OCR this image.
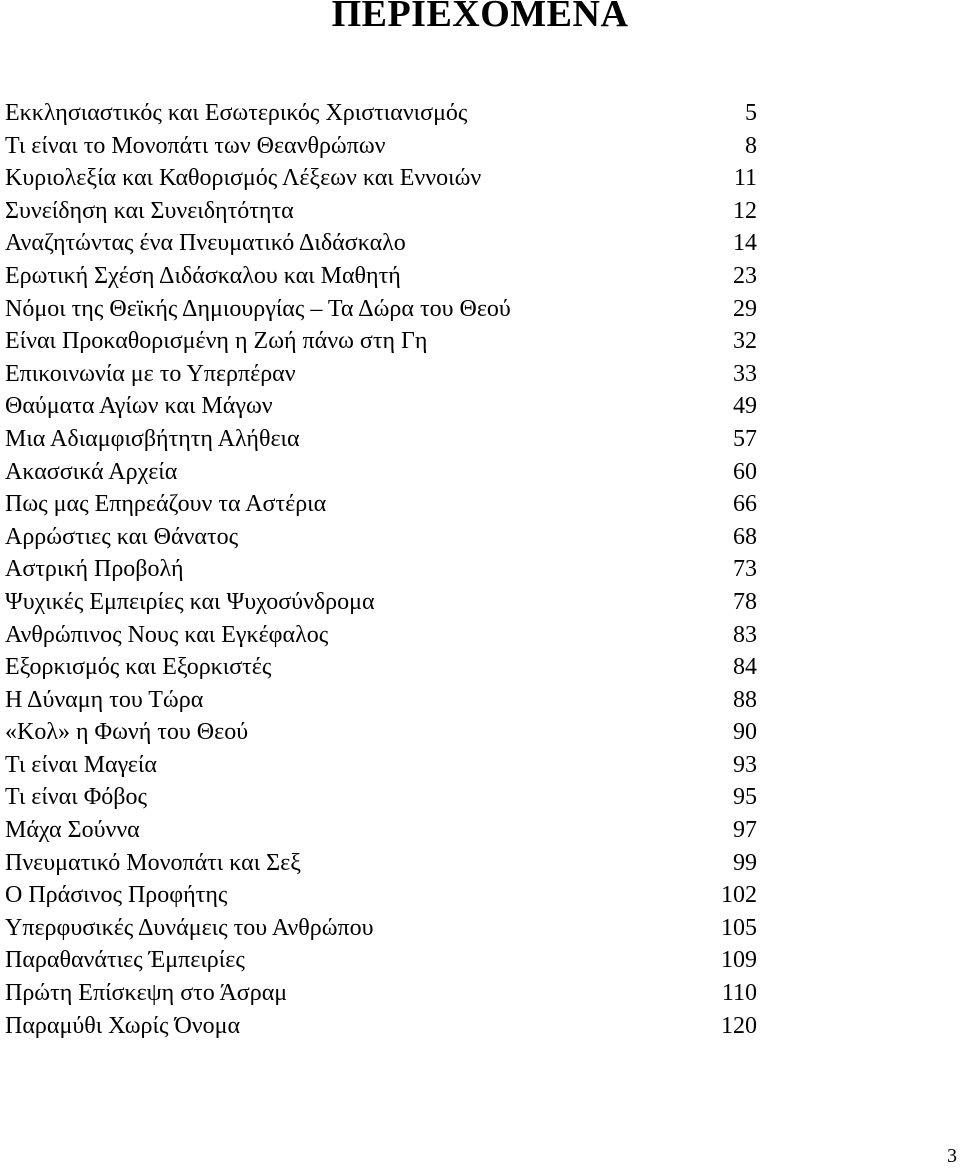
ΠΕΡΙΕΧΟΜΕΝΑ
Εκκλησιαστικός και Εσωτερικός Χριστιανισμός	5
Τι είναι το Μονοπάτι των Θεανθρώπων	8
Κυριολεξία και Καθορισμός Λέξεων και Εννοιών	11
Συνείδηση και Συνειδητότητα	12
Αναζητώντας ένα Πνευματικό Διδάσκαλο	14
Ερωτική Σχέση Διδάσκαλου και Μαθητή	23
Νόμοι της Θεϊκής Δημιουργίας – Τα Δώρα του Θεού	29
Είναι Προκαθορισμένη η Ζωή πάνω στη Γη	32
Επικοινωνία με το Υπερπέραν	33
Θαύματα Αγίων και Μάγων	49
Μια Αδιαμφισβήτητη Αλήθεια	57
Ακασσικά Αρχεία	60
Πως μας Επηρεάζουν τα Αστέρια	66
Αρρώστιες και Θάνατος	68
Αστρική Προβολή	73
Ψυχικές Εμπειρίες και Ψυχοσύνδρομα	78
Ανθρώπινος Νους και Εγκέφαλος	83
Εξορκισμός και Εξορκιστές	84
Η Δύναμη του Τώρα	88
«Κολ» η Φωνή του Θεού	90
Τι είναι Μαγεία	93
Τι είναι Φόβος	95
Μάχα Σούννα	97
Πνευματικό Μονοπάτι και Σεξ	99
Ο Πράσινος Προφήτης	102
Υπερφυσικές Δυνάμεις του Ανθρώπου	105
Παραθανάτιες Έμπειρίες	109
Πρώτη Επίσκεψη στο Άσραμ	110
Παραμύθι Χωρίς Όνομα	120
3
